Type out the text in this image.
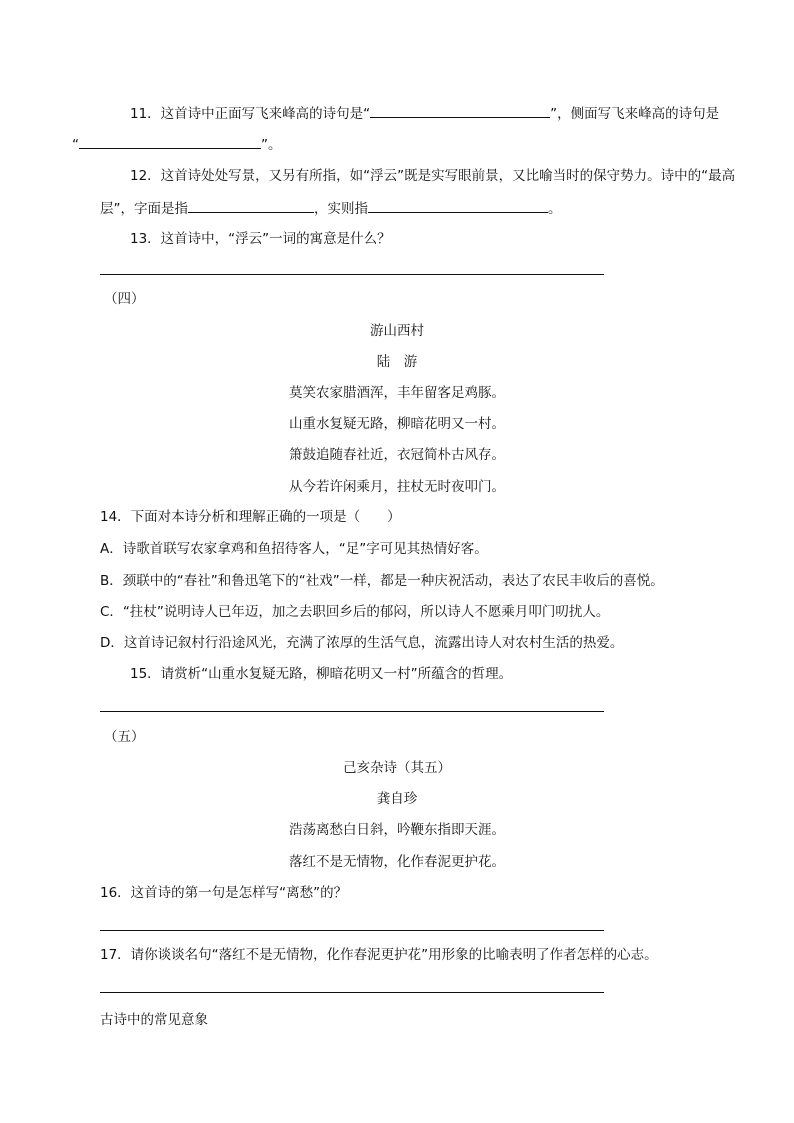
11．这首诗中正面写飞来峰高的诗句是“	”，侧面写飞来峰高的诗句是
“	”。
12．这首诗处处写景，又另有所指，如“浮云”既是实写眼前景，又比喻当时的保守势力。诗中的“最高
层”，字面是指	，实则指	。
13．这首诗中，“浮云”一词的寓意是什么？
（四）
游山西村
陆　游
莫笑农家腊酒浑，丰年留客足鸡豚。
山重水复疑无路，柳暗花明又一村。
箫鼓追随春社近，衣冠简朴古风存。
从今若许闲乘月，拄杖无时夜叩门。
14．下面对本诗分析和理解正确的一项是（　　）
A．诗歌首联写农家拿鸡和鱼招待客人，“足”字可见其热情好客。
B．颈联中的“春社”和鲁迅笔下的“社戏”一样，都是一种庆祝活动，表达了农民丰收后的喜悦。
C．“拄杖”说明诗人已年迈，加之去职回乡后的郁闷，所以诗人不愿乘月叩门叨扰人。
D．这首诗记叙村行沿途风光，充满了浓厚的生活气息，流露出诗人对农村生活的热爱。
15．请赏析“山重水复疑无路，柳暗花明又一村”所蕴含的哲理。
（五）
己亥杂诗（其五）
龚自珍
浩荡离愁白日斜，吟鞭东指即天涯。
落红不是无情物，化作春泥更护花。
16．这首诗的第一句是怎样写“离愁”的？
17．请你谈谈名句“落红不是无情物，化作春泥更护花”用形象的比喻表明了作者怎样的心志。
古诗中的常见意象
